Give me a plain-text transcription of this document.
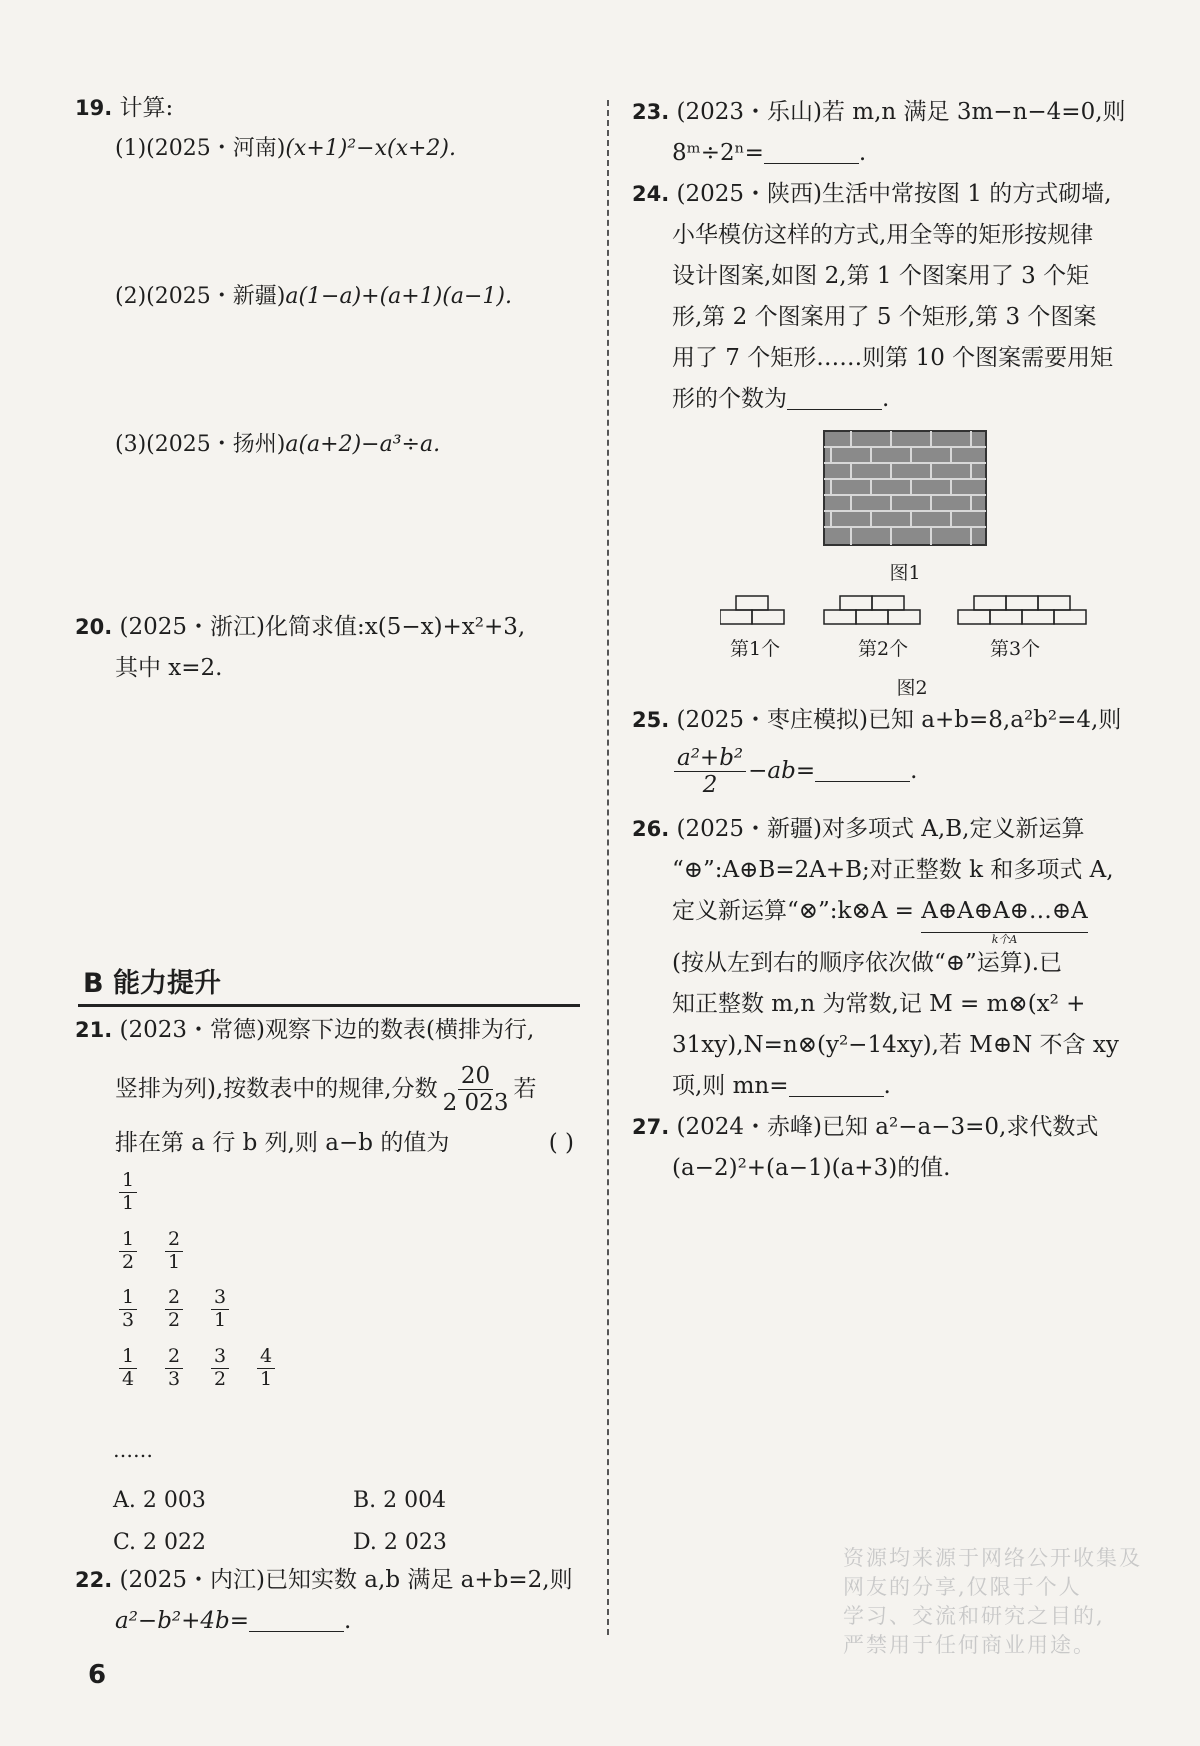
19. 计算:
(1)(2025・河南)(x+1)²−x(x+2).
(2)(2025・新疆)a(1−a)+(a+1)(a−1).
(3)(2025・扬州)a(a+2)−a³÷a.
20. (2025・浙江)化简求值:x(5−x)+x²+3,
其中 x=2.
B 能力提升
21. (2023・常德)观察下边的数表(横排为行,
竖排为列),按数表中的规律,分数 $\frac{20}{2 023}$ 若
排在第 a 行 b 列,则 a−b 的值为	( )
$\frac{1}{1}$
$\frac{1}{2} \frac{2}{1}$
$\frac{1}{3} \frac{2}{2} \frac{3}{1}$
$\frac{1}{4} \frac{2}{3} \frac{3}{2} \frac{4}{1}$
……
A. 2 003	B. 2 004
C. 2 022	D. 2 023
22. (2025・内江)已知实数 a,b 满足 a+b=2,则
a²−b²+4b=	.
23. (2023・乐山)若 m,n 满足 3m−n−4=0,则
8ᵐ÷2ⁿ=	.
24. (2025・陕西)生活中常按图 1 的方式砌墙,
小华模仿这样的方式,用全等的矩形按规律
设计图案,如图 2,第 1 个图案用了 3 个矩
形,第 2 个图案用了 5 个矩形,第 3 个图案
用了 7 个矩形……则第 10 个图案需要用矩
形的个数为	.
图1
第1个	第2个	第3个
图2
25. (2025・枣庄模拟)已知 a+b=8,a²b²=4,则
$\frac{\text{a²+b²}}{2} -ab=$	.
26. (2025・新疆)对多项式 A,B,定义新运算
“⊕”:A⊕B=2A+B;对正整数 k 和多项式 A,
定义新运算“⊗”:k⊗A = A⊕A⊕A⊕…⊕A
k个A
(按从左到右的顺序依次做“⊕”运算).已
知正整数 m,n 为常数,记 M = m⊗(x² +
31xy),N=n⊗(y²−14xy),若 M⊕N 不含 xy
项,则 mn=	.
27. (2024・赤峰)已知 a²−a−3=0,求代数式
(a−2)²+(a−1)(a+3)的值.
6
资源均来源于网络公开收集及
网友的分享,仅限于个人
学习、交流和研究之目的,
严禁用于任何商业用途。
